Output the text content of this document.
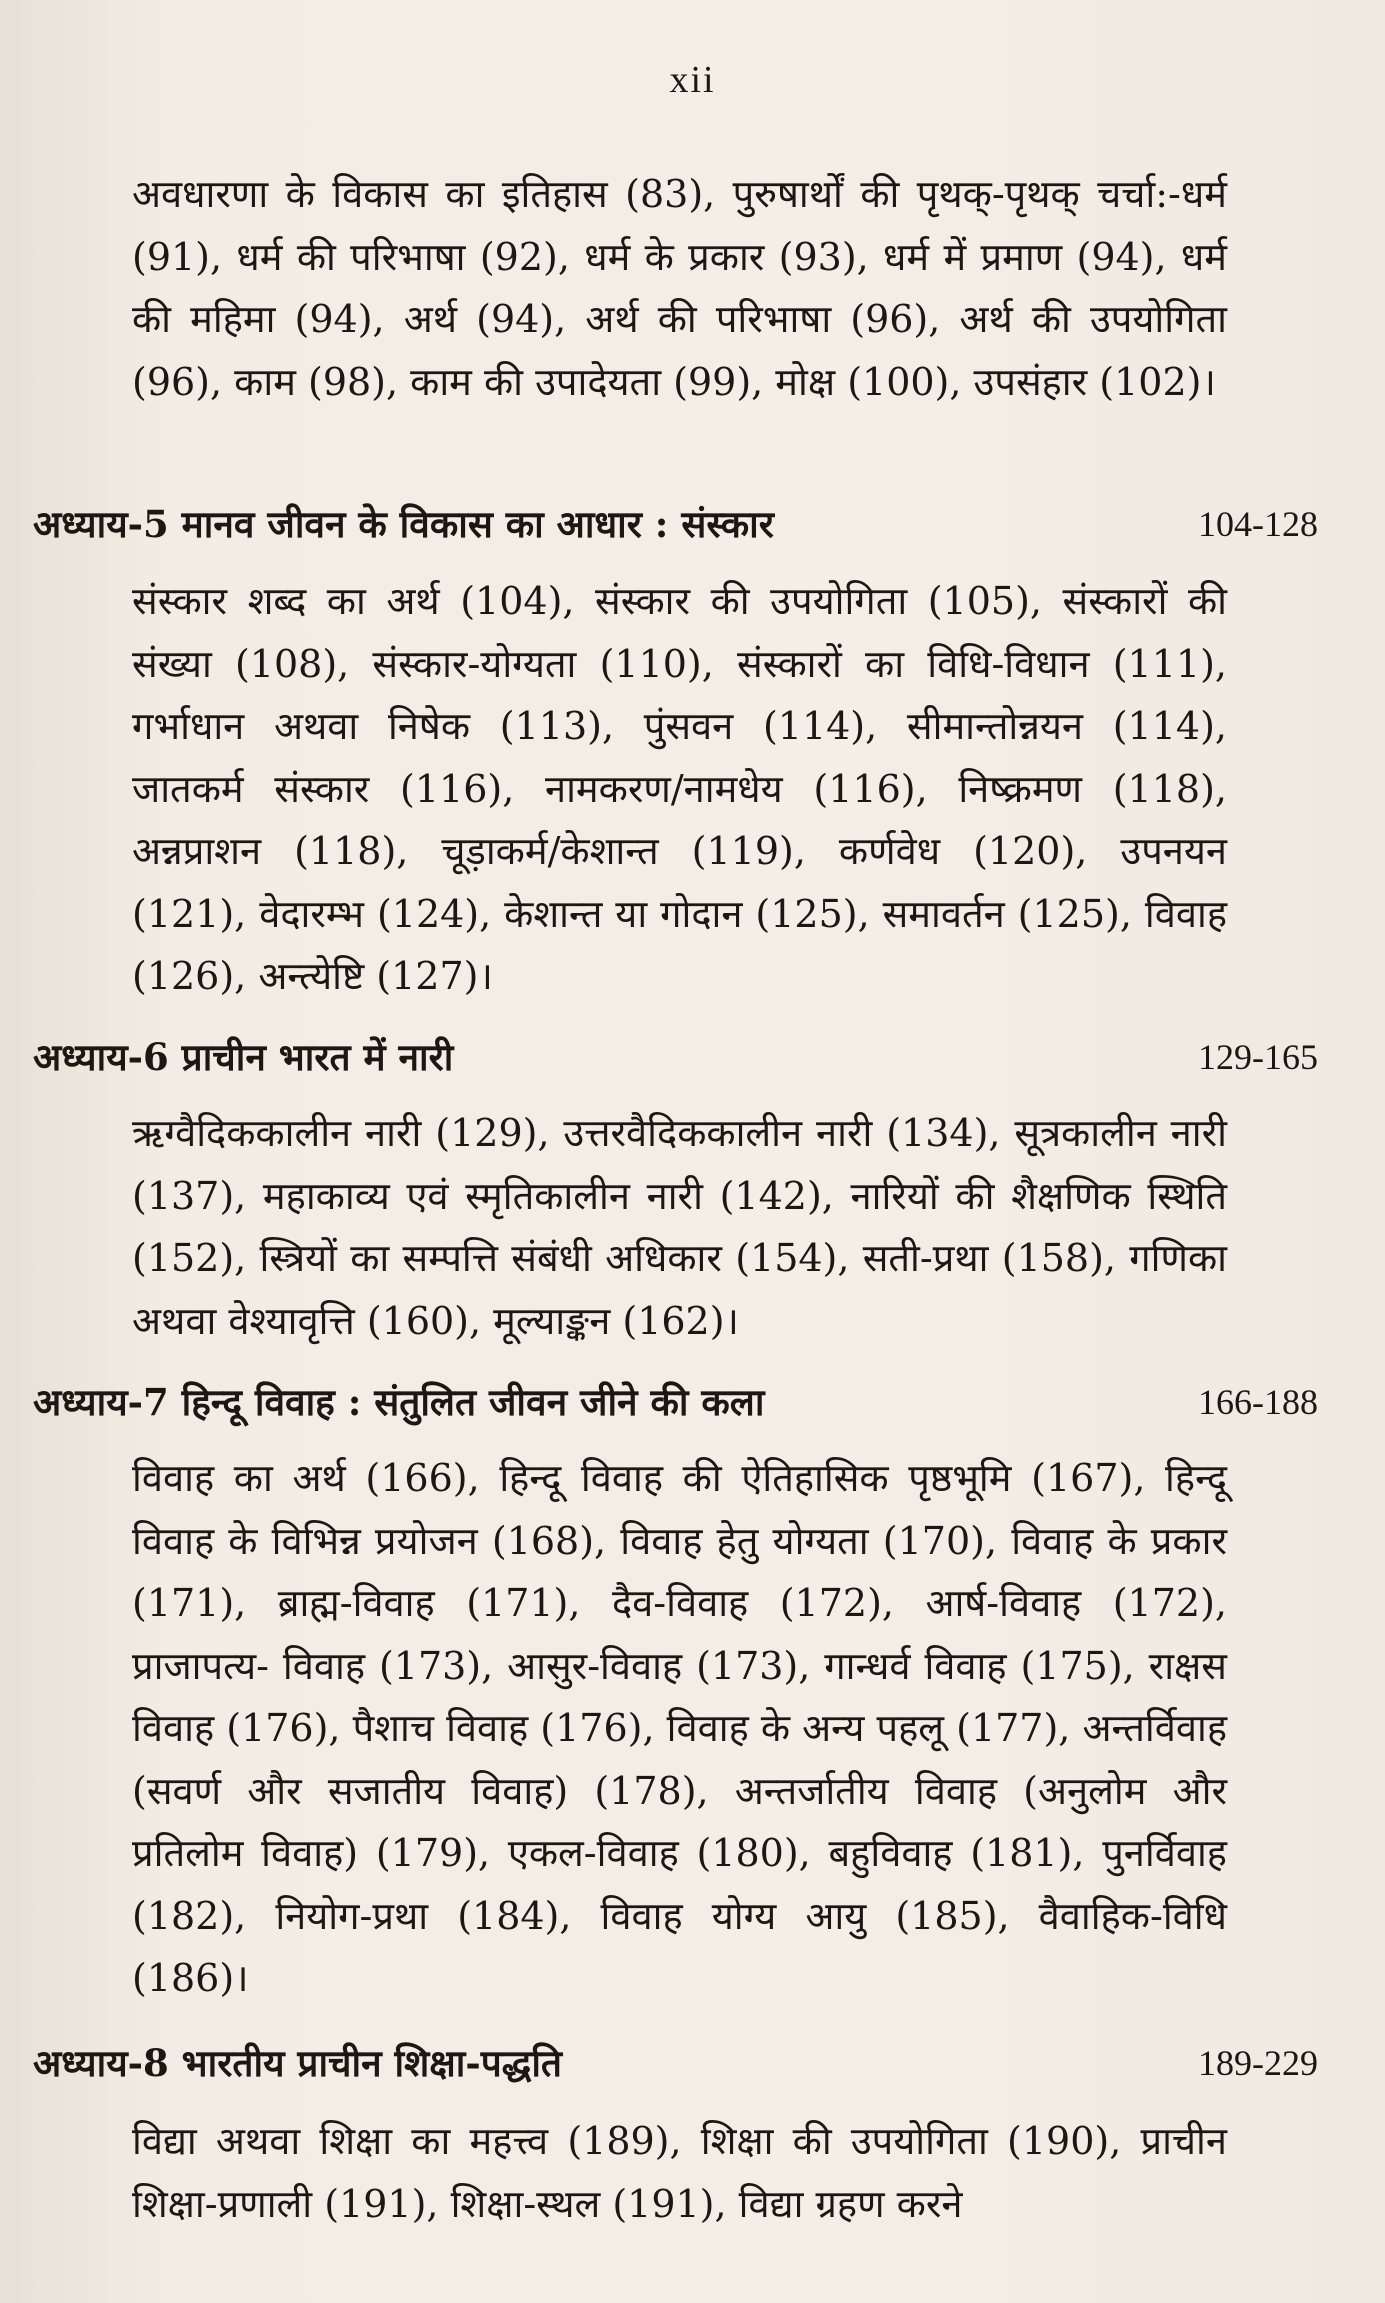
xii

अवधारणा के विकास का इतिहास (83), पुरुषार्थों की पृथक्-पृथक् चर्चा:-धर्म (91), धर्म की परिभाषा (92), धर्म के प्रकार (93), धर्म में प्रमाण (94), धर्म की महिमा (94), अर्थ (94), अर्थ की परिभाषा (96), अर्थ की उपयोगिता (96), काम (98), काम की उपादेयता (99), मोक्ष (100), उपसंहार (102)।

अध्याय-5 मानव जीवन के विकास का आधार : संस्कार	104-128

संस्कार शब्द का अर्थ (104), संस्कार की उपयोगिता (105), संस्कारों की संख्या (108), संस्कार-योग्यता (110), संस्कारों का विधि-विधान (111), गर्भाधान अथवा निषेक (113), पुंसवन (114), सीमान्तोन्नयन (114), जातकर्म संस्कार (116), नामकरण/नामधेय (116), निष्क्रमण (118), अन्नप्राशन (118), चूड़ाकर्म/केशान्त (119), कर्णवेध (120), उपनयन (121), वेदारम्भ (124), केशान्त या गोदान (125), समावर्तन (125), विवाह (126), अन्त्येष्टि (127)।

अध्याय-6 प्राचीन भारत में नारी	129-165

ऋग्वैदिककालीन नारी (129), उत्तरवैदिककालीन नारी (134), सूत्रकालीन नारी (137), महाकाव्य एवं स्मृतिकालीन नारी (142), नारियों की शैक्षणिक स्थिति (152), स्त्रियों का सम्पत्ति संबंधी अधिकार (154), सती-प्रथा (158), गणिका अथवा वेश्यावृत्ति (160), मूल्याङ्कन (162)।

अध्याय-7 हिन्दू विवाह : संतुलित जीवन जीने की कला	166-188

विवाह का अर्थ (166), हिन्दू विवाह की ऐतिहासिक पृष्ठभूमि (167), हिन्दू विवाह के विभिन्न प्रयोजन (168), विवाह हेतु योग्यता (170), विवाह के प्रकार (171), ब्राह्म-विवाह (171), दैव-विवाह (172), आर्ष-विवाह (172), प्राजापत्य- विवाह (173), आसुर-विवाह (173), गान्धर्व विवाह (175), राक्षस विवाह (176), पैशाच विवाह (176), विवाह के अन्य पहलू (177), अन्तर्विवाह (सवर्ण और सजातीय विवाह) (178), अन्तर्जातीय विवाह (अनुलोम और प्रतिलोम विवाह) (179), एकल-विवाह (180), बहुविवाह (181), पुनर्विवाह (182), नियोग-प्रथा (184), विवाह योग्य आयु (185), वैवाहिक-विधि (186)।

अध्याय-8 भारतीय प्राचीन शिक्षा-पद्धति	189-229

विद्या अथवा शिक्षा का महत्त्व (189), शिक्षा की उपयोगिता (190), प्राचीन शिक्षा-प्रणाली (191), शिक्षा-स्थल (191), विद्या ग्रहण करने
